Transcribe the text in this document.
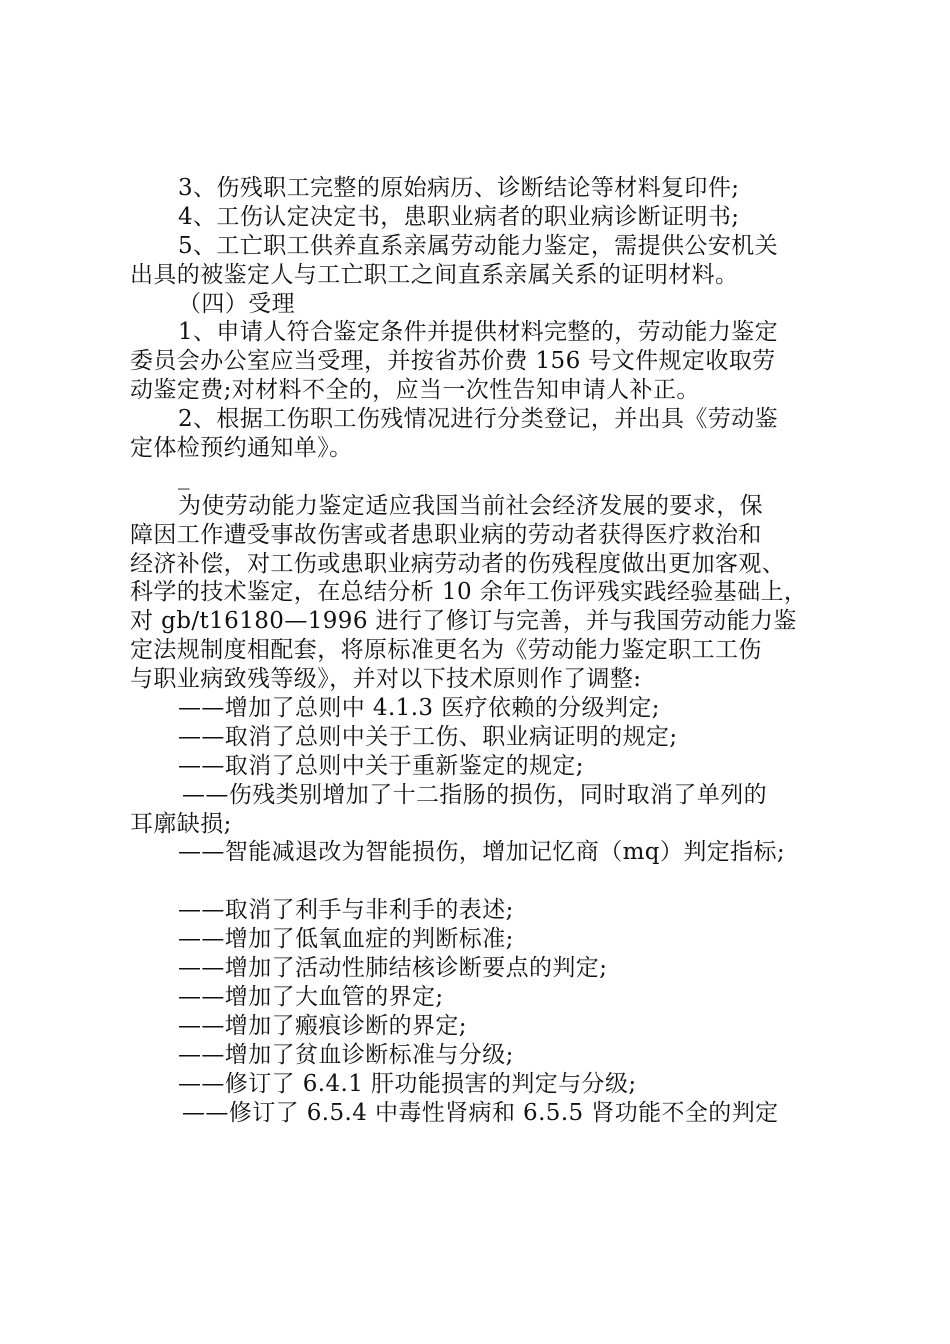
3、伤残职工完整的原始病历、诊断结论等材料复印件;
4、工伤认定决定书，患职业病者的职业病诊断证明书;
5、工亡职工供养直系亲属劳动能力鉴定，需提供公安机关
出具的被鉴定人与工亡职工之间直系亲属关系的证明材料。
（四）受理
1、申请人符合鉴定条件并提供材料完整的，劳动能力鉴定
委员会办公室应当受理，并按省苏价费 156 号文件规定收取劳
动鉴定费;对材料不全的，应当一次性告知申请人补正。
2、根据工伤职工伤残情况进行分类登记，并出具《劳动鉴
定体检预约通知单》。
_
为使劳动能力鉴定适应我国当前社会经济发展的要求，保
障因工作遭受事故伤害或者患职业病的劳动者获得医疗救治和
经济补偿，对工伤或患职业病劳动者的伤残程度做出更加客观、
科学的技术鉴定，在总结分析 10 余年工伤评残实践经验基础上，
对 gb/t16180—1996 进行了修订与完善，并与我国劳动能力鉴
定法规制度相配套，将原标准更名为《劳动能力鉴定职工工伤
与职业病致残等级》，并对以下技术原则作了调整:
——增加了总则中 4.1.3 医疗依赖的分级判定;
——取消了总则中关于工伤、职业病证明的规定;
——取消了总则中关于重新鉴定的规定;
——伤残类别增加了十二指肠的损伤，同时取消了单列的
耳廓缺损;
——智能减退改为智能损伤，增加记忆商（mq）判定指标;
——取消了利手与非利手的表述;
——增加了低氧血症的判断标准;
——增加了活动性肺结核诊断要点的判定;
——增加了大血管的界定;
——增加了瘢痕诊断的界定;
——增加了贫血诊断标准与分级;
——修订了 6.4.1 肝功能损害的判定与分级;
——修订了 6.5.4 中毒性肾病和 6.5.5 肾功能不全的判定
